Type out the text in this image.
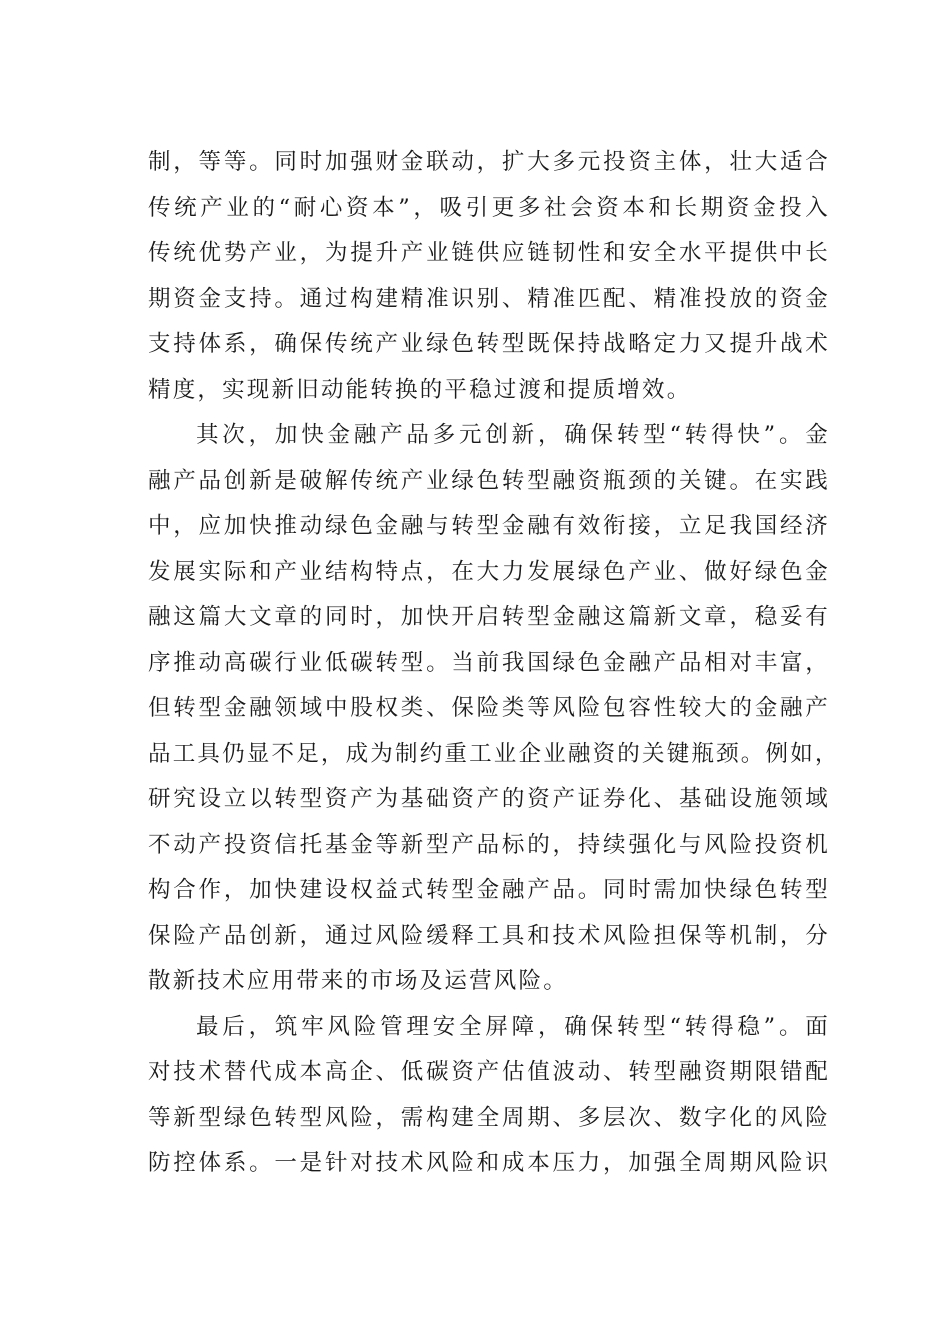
制，等等。同时加强财金联动，扩大多元投资主体，壮大适合
传统产业的“耐心资本”，吸引更多社会资本和长期资金投入
传统优势产业，为提升产业链供应链韧性和安全水平提供中长
期资金支持。通过构建精准识别、精准匹配、精准投放的资金
支持体系，确保传统产业绿色转型既保持战略定力又提升战术
精度，实现新旧动能转换的平稳过渡和提质增效。
其次，加快金融产品多元创新，确保转型“转得快”。金
融产品创新是破解传统产业绿色转型融资瓶颈的关键。在实践
中，应加快推动绿色金融与转型金融有效衔接，立足我国经济
发展实际和产业结构特点，在大力发展绿色产业、做好绿色金
融这篇大文章的同时，加快开启转型金融这篇新文章，稳妥有
序推动高碳行业低碳转型。当前我国绿色金融产品相对丰富，
但转型金融领域中股权类、保险类等风险包容性较大的金融产
品工具仍显不足，成为制约重工业企业融资的关键瓶颈。例如，
研究设立以转型资产为基础资产的资产证券化、基础设施领域
不动产投资信托基金等新型产品标的，持续强化与风险投资机
构合作，加快建设权益式转型金融产品。同时需加快绿色转型
保险产品创新，通过风险缓释工具和技术风险担保等机制，分
散新技术应用带来的市场及运营风险。
最后，筑牢风险管理安全屏障，确保转型“转得稳”。面
对技术替代成本高企、低碳资产估值波动、转型融资期限错配
等新型绿色转型风险，需构建全周期、多层次、数字化的风险
防控体系。一是针对技术风险和成本压力，加强全周期风险识
